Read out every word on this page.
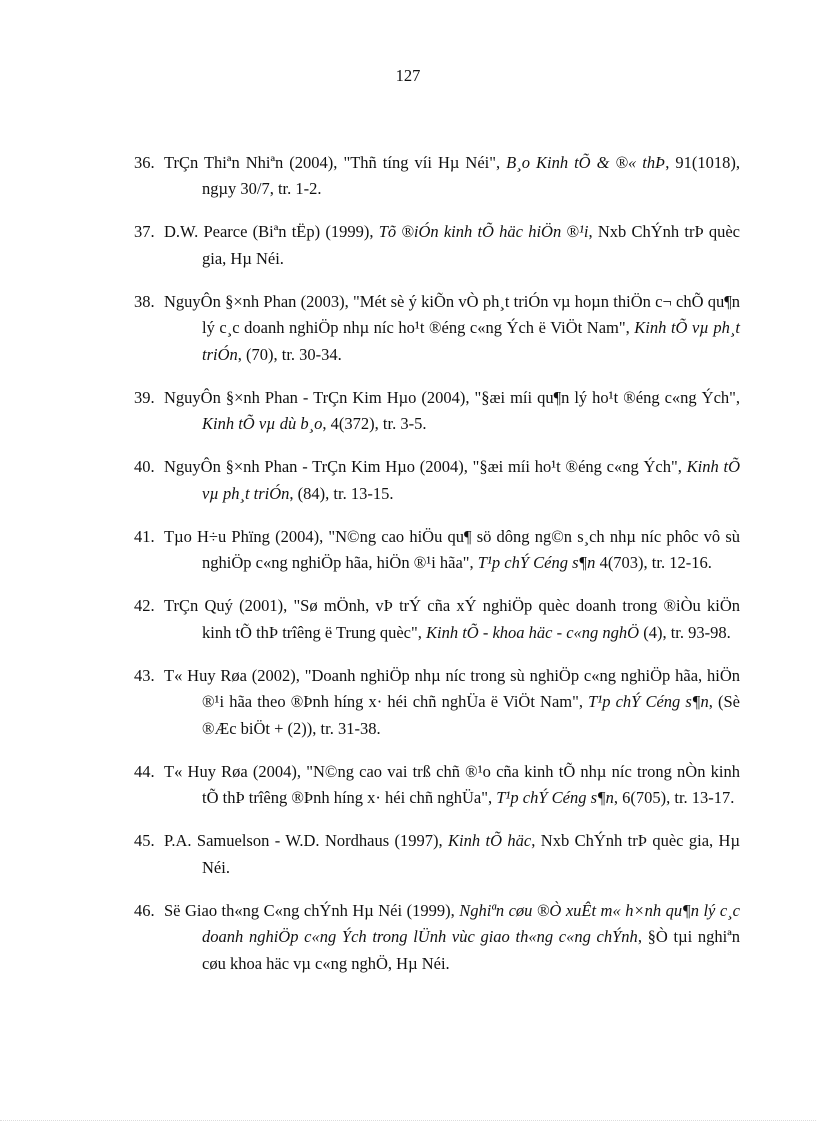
127

36. TrÇn Thiªn Nhiªn (2004), "Thñ tíng víi Hµ Néi", B¸o Kinh tÕ & ®« thÞ, 91(1018), ngµy 30/7, tr. 1-2.

37. D.W. Pearce (Biªn tËp) (1999), Tõ ®iÓn kinh tÕ häc hiÖn ®¹i, Nxb ChÝnh trÞ quèc gia, Hµ Néi.

38. NguyÔn §×nh Phan (2003), "Mét sè ý kiÕn vÒ ph¸t triÓn vµ hoµn thiÖn c¬ chÕ qu¶n lý c¸c doanh nghiÖp nhµ níc ho¹t ®éng c«ng Ých ë ViÖt Nam", Kinh tÕ vµ ph¸t triÓn, (70), tr. 30-34.

39. NguyÔn §×nh Phan - TrÇn Kim Hµo (2004), "§æi míi qu¶n lý ho¹t ®éng c«ng Ých", Kinh tÕ vµ dù b¸o, 4(372), tr. 3-5.

40. NguyÔn §×nh Phan - TrÇn Kim Hµo (2004), "§æi míi ho¹t ®éng c«ng Ých", Kinh tÕ vµ ph¸t triÓn, (84), tr. 13-15.

41. Tµo H÷u Phïng (2004), "N©ng cao hiÖu qu¶ sö dông ng©n s¸ch nhµ níc phôc vô sù nghiÖp c«ng nghiÖp hãa, hiÖn ®¹i hãa", T¹p chÝ Céng s¶n 4(703), tr. 12-16.

42. TrÇn Quý (2001), "Sø mÖnh, vÞ trÝ cña xÝ nghiÖp quèc doanh trong ®iÒu kiÖn kinh tÕ thÞ trîêng ë Trung quèc", Kinh tÕ - khoa häc - c«ng nghÖ (4), tr. 93-98.

43. T« Huy Røa (2002), "Doanh nghiÖp nhµ níc trong sù nghiÖp c«ng nghiÖp hãa, hiÖn ®¹i hãa theo ®Þnh híng x· héi chñ nghÜa ë ViÖt Nam", T¹p chÝ Céng s¶n, (Sè ®Æc biÖt + (2)), tr. 31-38.

44. T« Huy Røa (2004), "N©ng cao vai trß chñ ®¹o cña kinh tÕ nhµ níc trong nÒn kinh tÕ thÞ trîêng ®Þnh híng x· héi chñ nghÜa", T¹p chÝ Céng s¶n, 6(705), tr. 13-17.

45. P.A. Samuelson - W.D. Nordhaus (1997), Kinh tÕ häc, Nxb ChÝnh trÞ quèc gia, Hµ Néi.

46. Së Giao th«ng C«ng chÝnh Hµ Néi (1999), Nghiªn cøu ®Ò xuÊt m« h×nh qu¶n lý c¸c doanh nghiÖp c«ng Ých trong lÜnh vùc giao th«ng c«ng chÝnh, §Ò tµi nghiªn cøu khoa häc vµ c«ng nghÖ, Hµ Néi.
